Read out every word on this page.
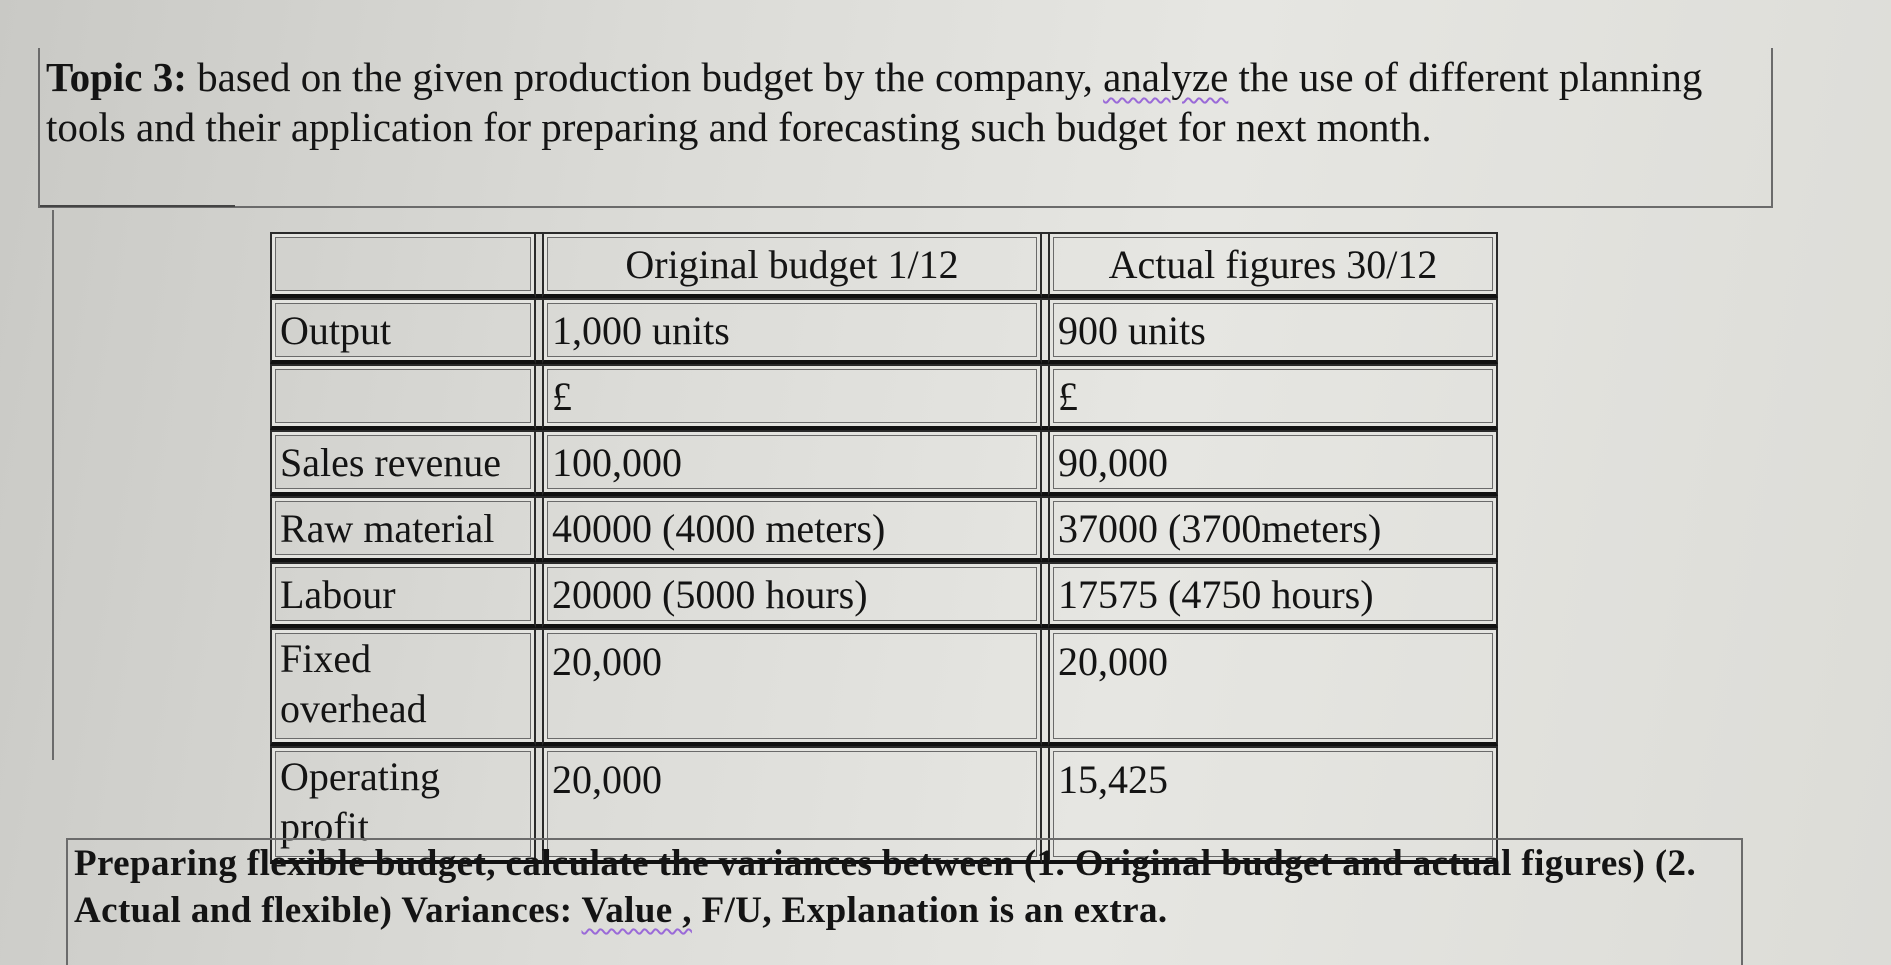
Topic 3: based on the given production budget by the company, analyze the use of different planning tools and their application for preparing and forecasting such budget for next month.
		Original budget 1/12		Actual figures 30/12
Output		1,000 units		900 units
		£		£
Sales revenue		100,000		90,000
Raw material		40000 (4000 meters)		37000 (3700meters)
Labour		20000 (5000 hours)		17575 (4750 hours)
Fixed overhead		20,000		20,000
Operating profit		20,000		15,425
Preparing flexible budget, calculate the variances between (1. Original budget and actual figures) (2. Actual and flexible) Variances: Value , F/U, Explanation is an extra.
